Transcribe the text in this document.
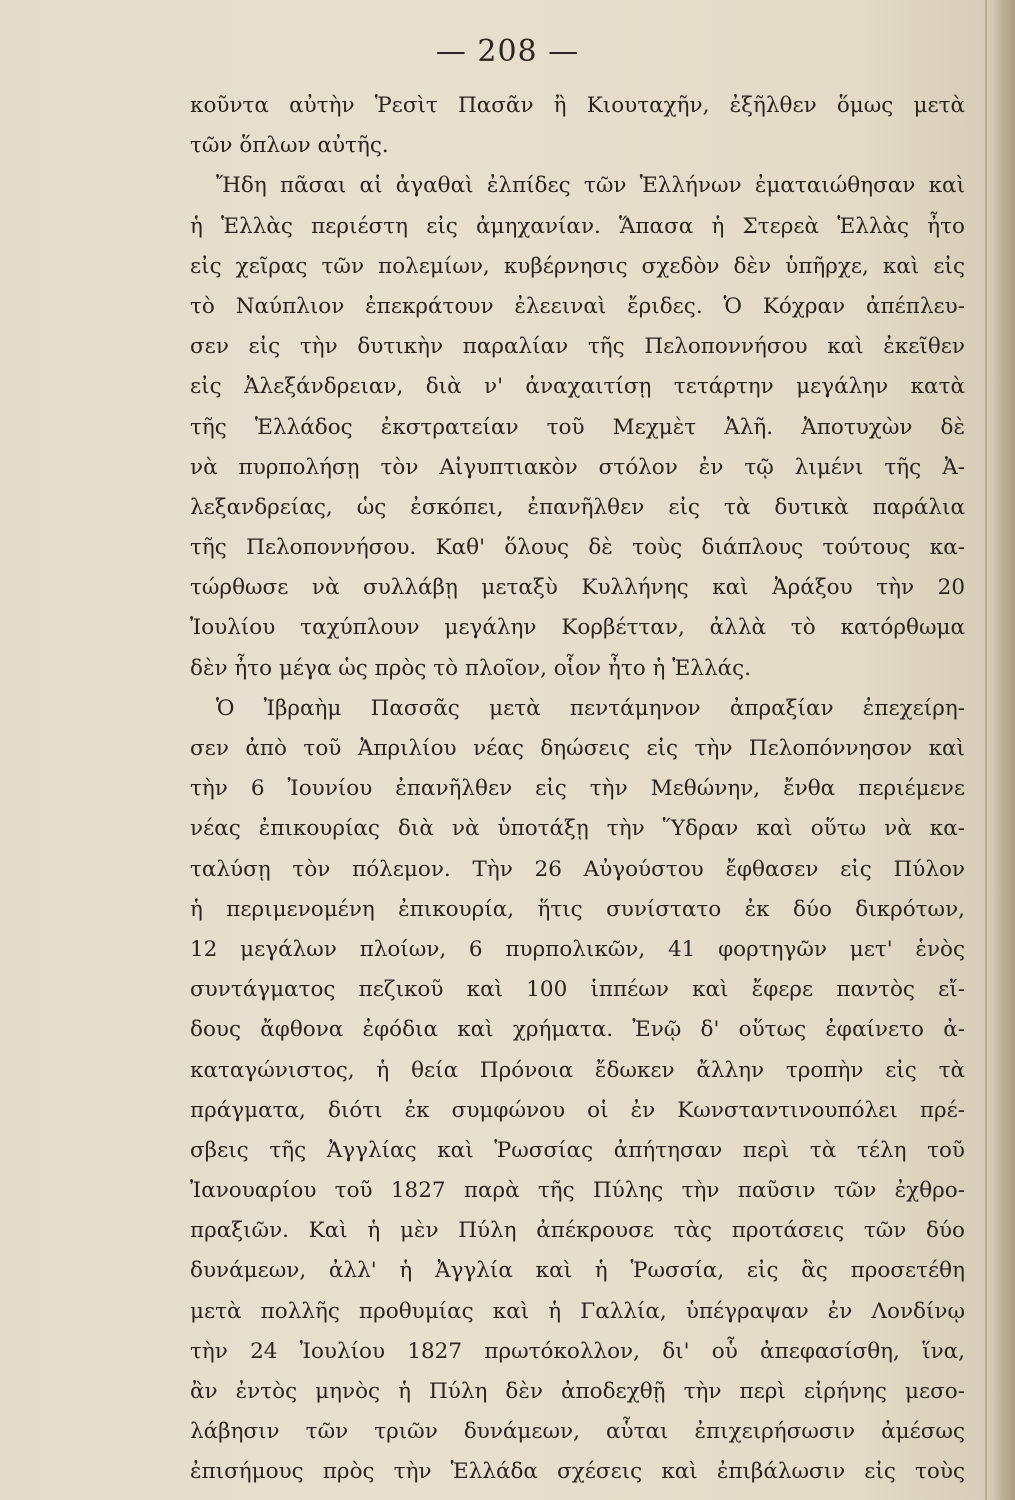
— 208 —
κοῦντα αὐτὴν Ῥεσὶτ Πασᾶν ἢ Κιουταχῆν, ἐξῆλθεν ὅμως μετὰ
τῶν ὅπλων αὐτῆς.
Ἤδη πᾶσαι αἱ ἀγαθαὶ ἐλπίδες τῶν Ἑλλήνων ἐματαιώθησαν καὶ
ἡ Ἑλλὰς περιέστη εἰς ἀμηχανίαν. Ἅπασα ἡ Στερεὰ Ἑλλὰς ἦτο
εἰς χεῖρας τῶν πολεμίων, κυβέρνησις σχεδὸν δὲν ὑπῆρχε, καὶ εἰς
τὸ Ναύπλιον ἐπεκράτουν ἐλεειναὶ ἔριδες. Ὁ Κόχραν ἀπέπλευ-
σεν εἰς τὴν δυτικὴν παραλίαν τῆς Πελοποννήσου καὶ ἐκεῖθεν
εἰς Ἀλεξάνδρειαν, διὰ ν' ἀναχαιτίσῃ τετάρτην μεγάλην κατὰ
τῆς Ἑλλάδος ἐκστρατείαν τοῦ Μεχμὲτ Ἀλῆ. Ἀποτυχὼν δὲ
νὰ πυρπολήσῃ τὸν Αἰγυπτιακὸν στόλον ἐν τῷ λιμένι τῆς Ἀ-
λεξανδρείας, ὡς ἐσκόπει, ἐπανῆλθεν εἰς τὰ δυτικὰ παράλια
τῆς Πελοποννήσου. Καθ' ὅλους δὲ τοὺς διάπλους τούτους κα-
τώρθωσε νὰ συλλάβῃ μεταξὺ Κυλλήνης καὶ Ἀράξου τὴν 20
Ἰουλίου ταχύπλουν μεγάλην Κορβέτταν, ἀλλὰ τὸ κατόρθωμα
δὲν ἦτο μέγα ὡς πρὸς τὸ πλοῖον, οἷον ἦτο ἡ Ἑλλάς.
Ὁ Ἰβραὴμ Πασσᾶς μετὰ πεντάμηνον ἀπραξίαν ἐπεχείρη-
σεν ἀπὸ τοῦ Ἀπριλίου νέας δηώσεις εἰς τὴν Πελοπόννησον καὶ
τὴν 6 Ἰουνίου ἐπανῆλθεν εἰς τὴν Μεθώνην, ἔνθα περιέμενε
νέας ἐπικουρίας διὰ νὰ ὑποτάξῃ τὴν Ὕδραν καὶ οὕτω νὰ κα-
ταλύσῃ τὸν πόλεμον. Τὴν 26 Αὐγούστου ἔφθασεν εἰς Πύλον
ἡ περιμενομένη ἐπικουρία, ἥτις συνίστατο ἐκ δύο δικρότων,
12 μεγάλων πλοίων, 6 πυρπολικῶν, 41 φορτηγῶν μετ' ἑνὸς
συντάγματος πεζικοῦ καὶ 100 ἱππέων καὶ ἔφερε παντὸς εἴ-
δους ἄφθονα ἐφόδια καὶ χρήματα. Ἐνῷ δ' οὕτως ἐφαίνετο ἀ-
καταγώνιστος, ἡ θεία Πρόνοια ἔδωκεν ἄλλην τροπὴν εἰς τὰ
πράγματα, διότι ἐκ συμφώνου οἱ ἐν Κωνσταντινουπόλει πρέ-
σβεις τῆς Ἀγγλίας καὶ Ῥωσσίας ἀπήτησαν περὶ τὰ τέλη τοῦ
Ἰανουαρίου τοῦ 1827 παρὰ τῆς Πύλης τὴν παῦσιν τῶν ἐχθρο-
πραξιῶν. Καὶ ἡ μὲν Πύλη ἀπέκρουσε τὰς προτάσεις τῶν δύο
δυνάμεων, ἀλλ' ἡ Ἀγγλία καὶ ἡ Ῥωσσία, εἰς ἃς προσετέθη
μετὰ πολλῆς προθυμίας καὶ ἡ Γαλλία, ὑπέγραψαν ἐν Λονδίνῳ
τὴν 24 Ἰουλίου 1827 πρωτόκολλον, δι' οὗ ἀπεφασίσθη, ἵνα,
ἂν ἐντὸς μηνὸς ἡ Πύλη δὲν ἀποδεχθῇ τὴν περὶ εἰρήνης μεσο-
λάβησιν τῶν τριῶν δυνάμεων, αὗται ἐπιχειρήσωσιν ἀμέσως
ἐπισήμους πρὸς τὴν Ἑλλάδα σχέσεις καὶ ἐπιβάλωσιν εἰς τοὺς
